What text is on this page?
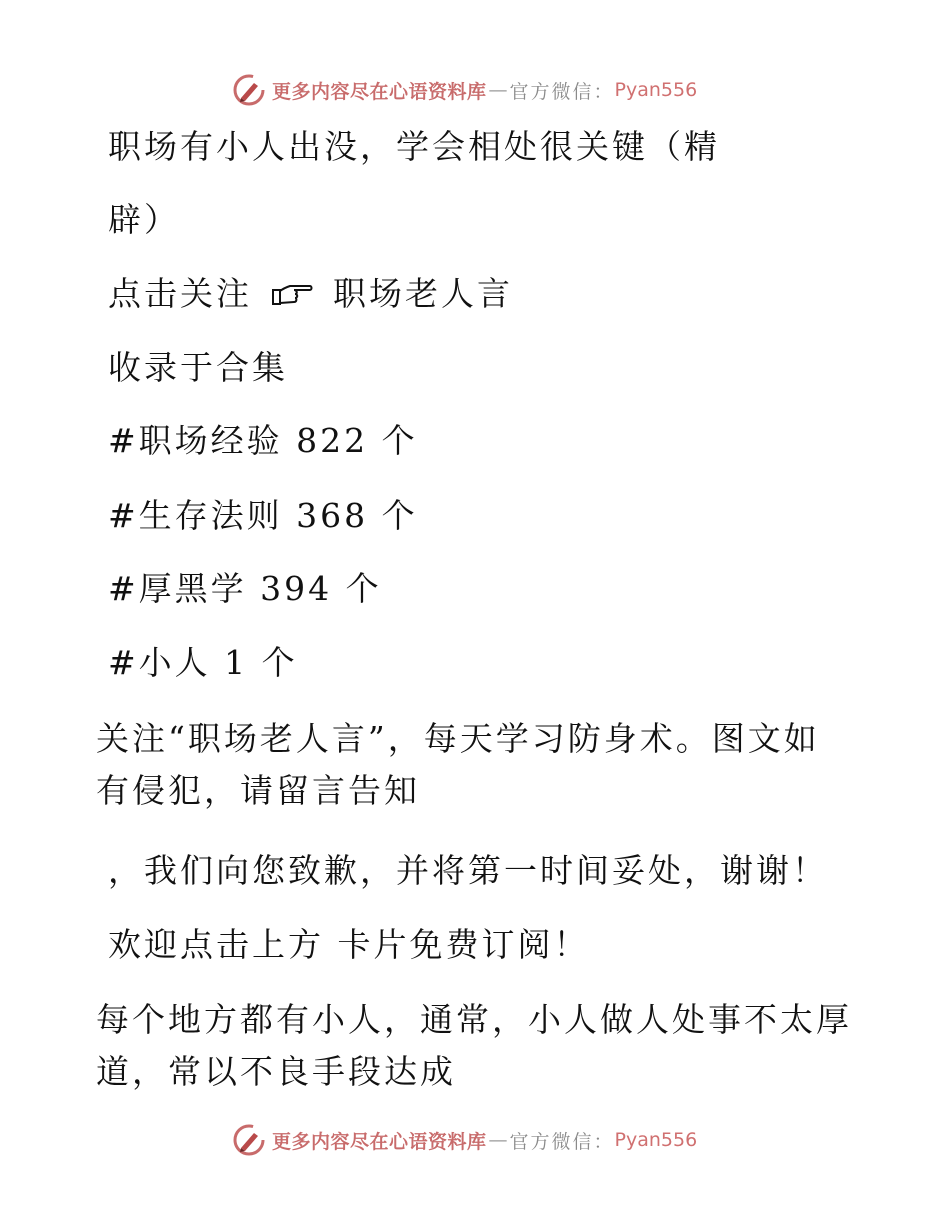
更多内容尽在心语资料库 — 官方微信： Pyan556
职场有小人出没，学会相处很关键（精
辟）
点击关注 职场老人言
收录于合集
#职场经验 822 个
#生存法则 368 个
#厚黑学 394 个
#小人 1 个
关注“职场老人言”，每天学习防身术。图文如
有侵犯，请留言告知
，我们向您致歉，并将第一时间妥处，谢谢！
欢迎点击上方 卡片免费订阅！
每个地方都有小人，通常，小人做人处事不太厚
道，常以不良手段达成
更多内容尽在心语资料库 — 官方微信： Pyan556
